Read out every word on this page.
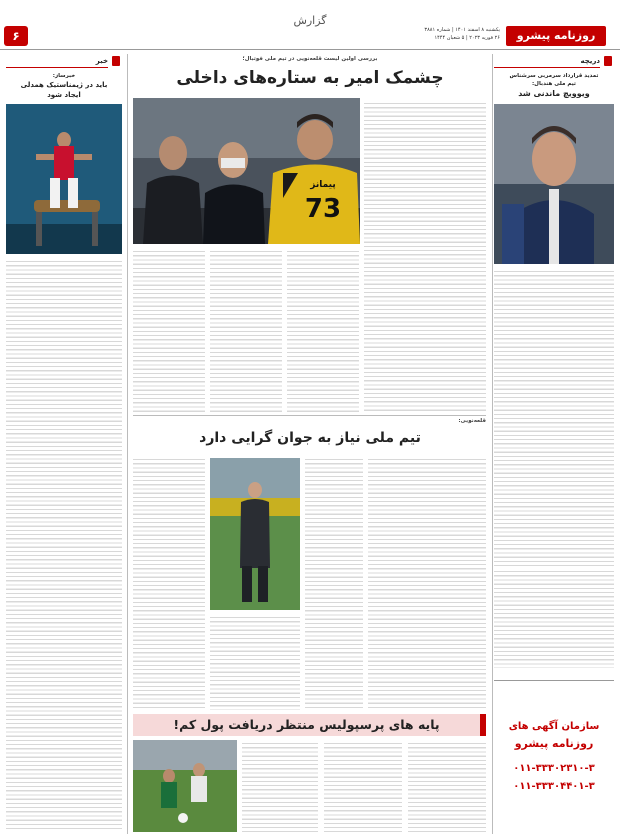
۶
گزارش
یکشنبه ۸ اسفند ۱۴۰۱ | شماره ۳۸۸۱
۲۶ فوریه ۲۰۲۳ | ۵ شعبان ۱۴۴۴	روزنامه پیشرو
دریچه
تمدید قرارداد سرمربی سرشناس
تیم ملی هندبال:
ویوویچ ماندنی شد
سازمان آگهی های
روزنامه پیشرو
۰۱۱-۳۳۳۰۲۳۱۰-۳
۰۱۱-۳۳۳۰۴۴۰۱-۳
بررسی اولین لیست قلعه‌نویی در تیم ملی فوتبال؛
چشمک امیر به ستاره‌های داخلی
پیمانز
73
قلعه‌نویی:
تیم ملی نیاز به جوان گرایی دارد
پایه های پرسپولیس منتظر دریافت پول کم!
خبر
خبرساز:
باید در ژیمناستیک همدلی
ایجاد شود
